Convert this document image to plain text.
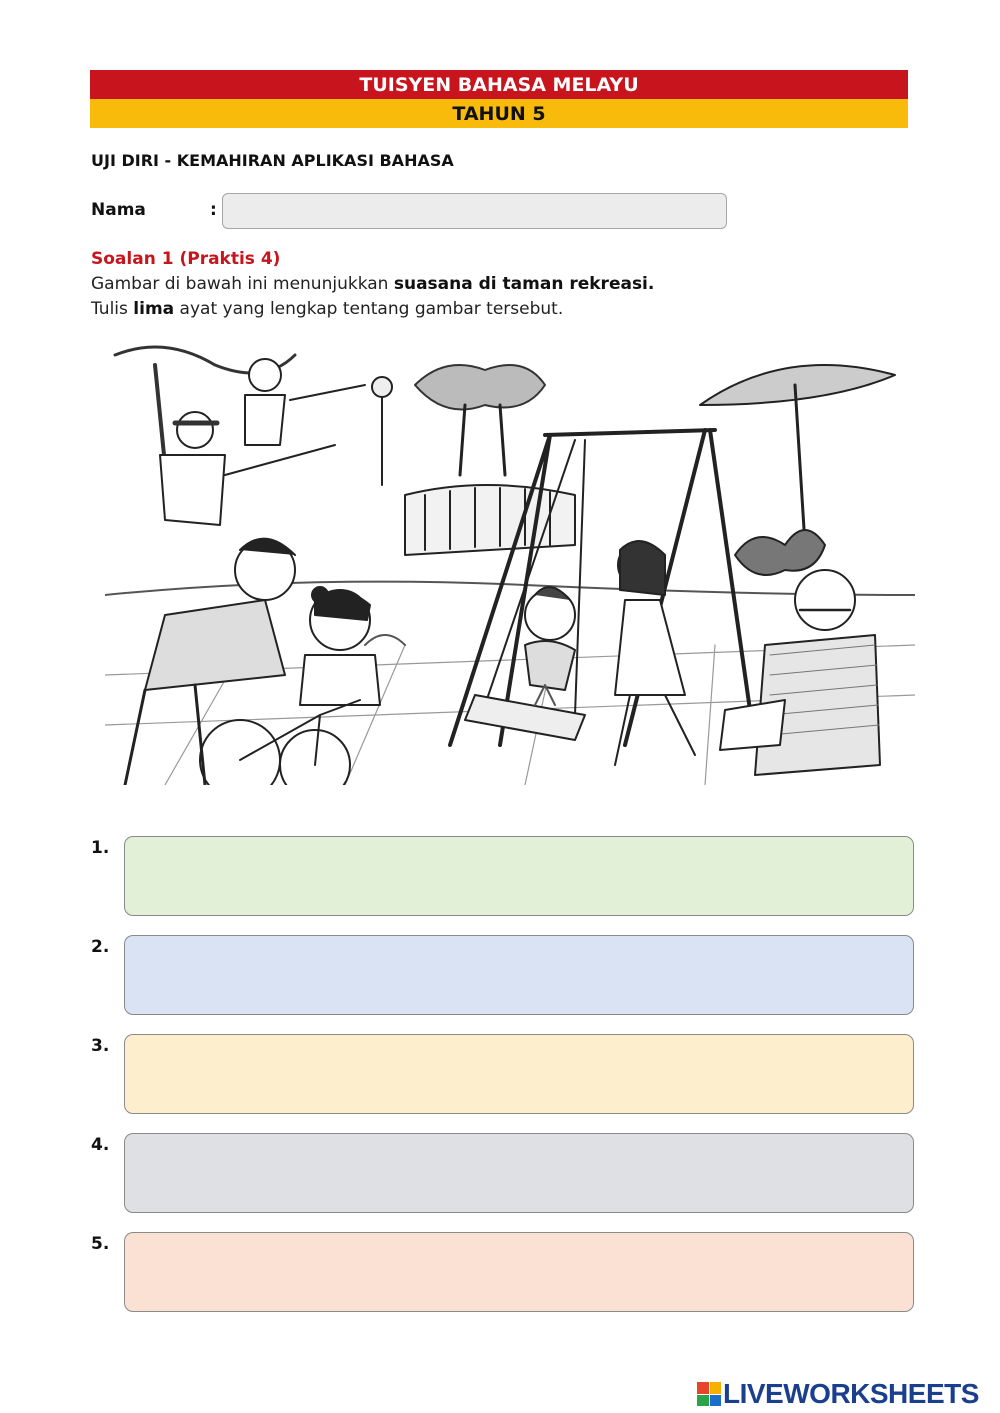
TUISYEN BAHASA MELAYU
TAHUN 5
UJI DIRI - KEMAHIRAN APLIKASI BAHASA
Nama	:
Soalan 1 (Praktis 4)
Gambar di bawah ini menunjukkan suasana di taman rekreasi.
Tulis lima ayat yang lengkap tentang gambar tersebut.
1.
2.
3.
4.
5.
LIVEWORKSHEETS
